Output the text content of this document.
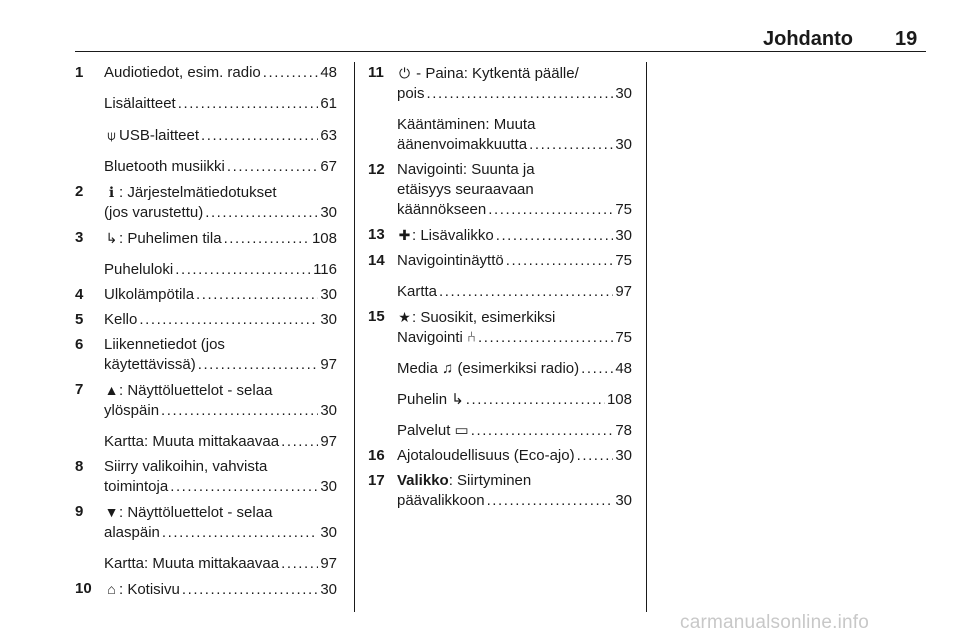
Johdanto 19
1	Audiotiedot, esim. radio . . .	48
Lisälaitteet . . .	61
⍦ USB-laitteet . . .	63
Bluetooth musiikki . . .	67
2	ℹ : Järjestelmätiedotukset
(jos varustettu) . . .	30
3	↳ : Puhelimen tila . . .	108
Puheluloki . . .	116
4	Ulkolämpötila . . .	30
5	Kello . . .	30
6	Liikennetiedot (jos
käytettävissä) . . .	97
7	▲: Näyttöluettelot - selaa
ylöspäin . . .	30
Kartta: Muuta mittakaavaa . . .	97
8	Siirry valikoihin, vahvista
toimintoja . . .	30
9	▼: Näyttöluettelot - selaa
alaspäin . . .	30
Kartta: Muuta mittakaavaa . . .	97
10	⌂ : Kotisivu . . .	30
11	⏻ - Paina: Kytkentä päälle/
pois . . .	30
Kääntäminen: Muuta
äänenvoimakkuutta . . .	30
12 Navigointi: Suunta ja
etäisyys seuraavaan
käännökseen . . .	75
13 ✚ : Lisävalikko . . .	30
14 Navigointinäyttö . . .	75
Kartta . . .	97
15 ★: Suosikit, esimerkiksi
Navigointi ⑃ . . .	75
Media ♫ (esimerkiksi radio) . . . 48
Puhelin ↳ . . .	108
Palvelut ▭ . . .	78
16 Ajotaloudellisuus (Eco-ajo) . . .	30
17 Valikko: Siirtyminen
päävalikkoon . . .	30
carmanualsonline.info
